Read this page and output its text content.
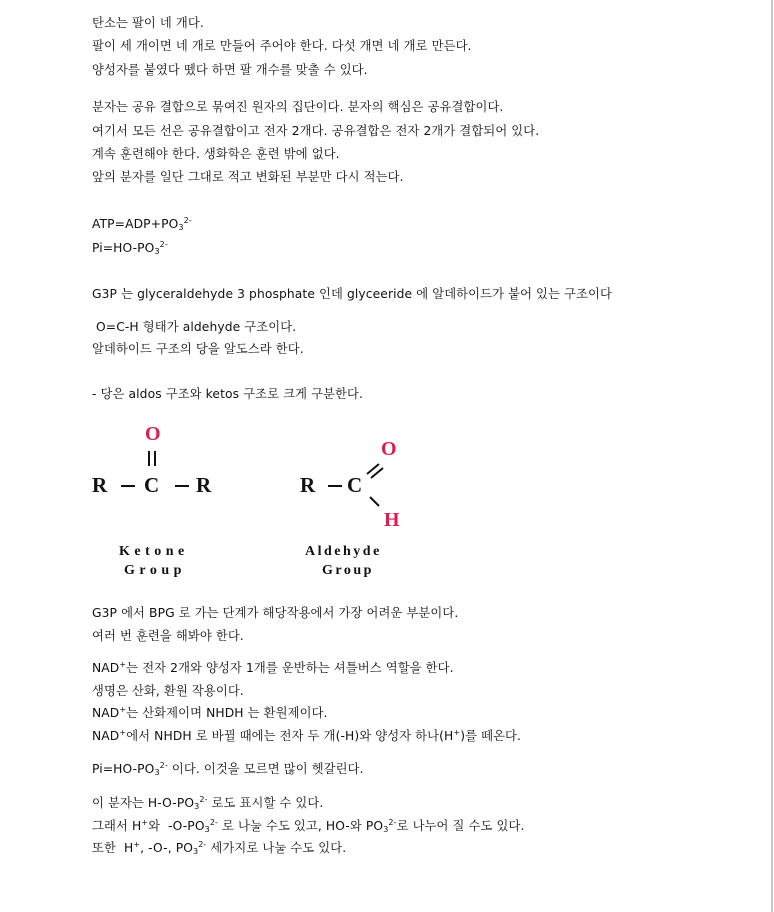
탄소는 팔이 네 개다.
팔이 세 개이면 네 개로 만들어 주어야 한다. 다섯 개면 네 개로 만든다.
양성자를 붙였다 뗐다 하면 팔 개수를 맞출 수 있다.
분자는 공유 결합으로 묶여진 원자의 집단이다. 분자의 핵심은 공유결합이다.
여기서 모든 선은 공유결합이고 전자 2개다. 공유결합은 전자 2개가 결합되어 있다.
계속 훈련해야 한다. 생화학은 훈련 밖에 없다.
앞의 분자를 일단 그대로 적고 변화된 부분만 다시 적는다.
$ATP=ADP+PO_3^{2-}$
$Pi=HO-PO_3^{2-}$
G3P 는 glyceraldehyde 3 phosphate 인데 glyceeride 에 알데하이드가 붙어 있는 구조이다
O=C-H 형태가 aldehyde 구조이다.
알데하이드 구조의 당을 알도스라 한다.
- 당은 aldos 구조와 ketos 구조로 크게 구분한다.
G3P 에서 BPG 로 가는 단계가 해당작용에서 가장 어려운 부분이다.
여러 번 훈련을 해봐야 한다.
NAD+는 전자 2개와 양성자 1개를 운반하는 셔틀버스 역할을 한다.
생명은 산화, 환원 작용이다.
NAD+는 산화제이며 NHDH 는 환원제이다.
NAD+에서 NHDH 로 바뀔 때에는 전자 두 개(-H)와 양성자 하나(H+)를 떼온다.
$Pi=HO-PO_3^{2-}$ 이다. 이것을 모르면 많이 헷갈린다.
이 분자는 $H-O-PO_3^{2-}$ 로도 표시할 수 있다.
그래서 H+와  $-O-PO_3^{2-}$ 로 나눌 수도 있고, HO-와 $PO_3^{2-}$로 나누어 질 수도 있다.
또한  H+, -O-, $PO_3^{2-}$ 세가지로 나눌 수도 있다.
O
R C R
Ketone
Group
O
R C
H
Aldehyde
Group
